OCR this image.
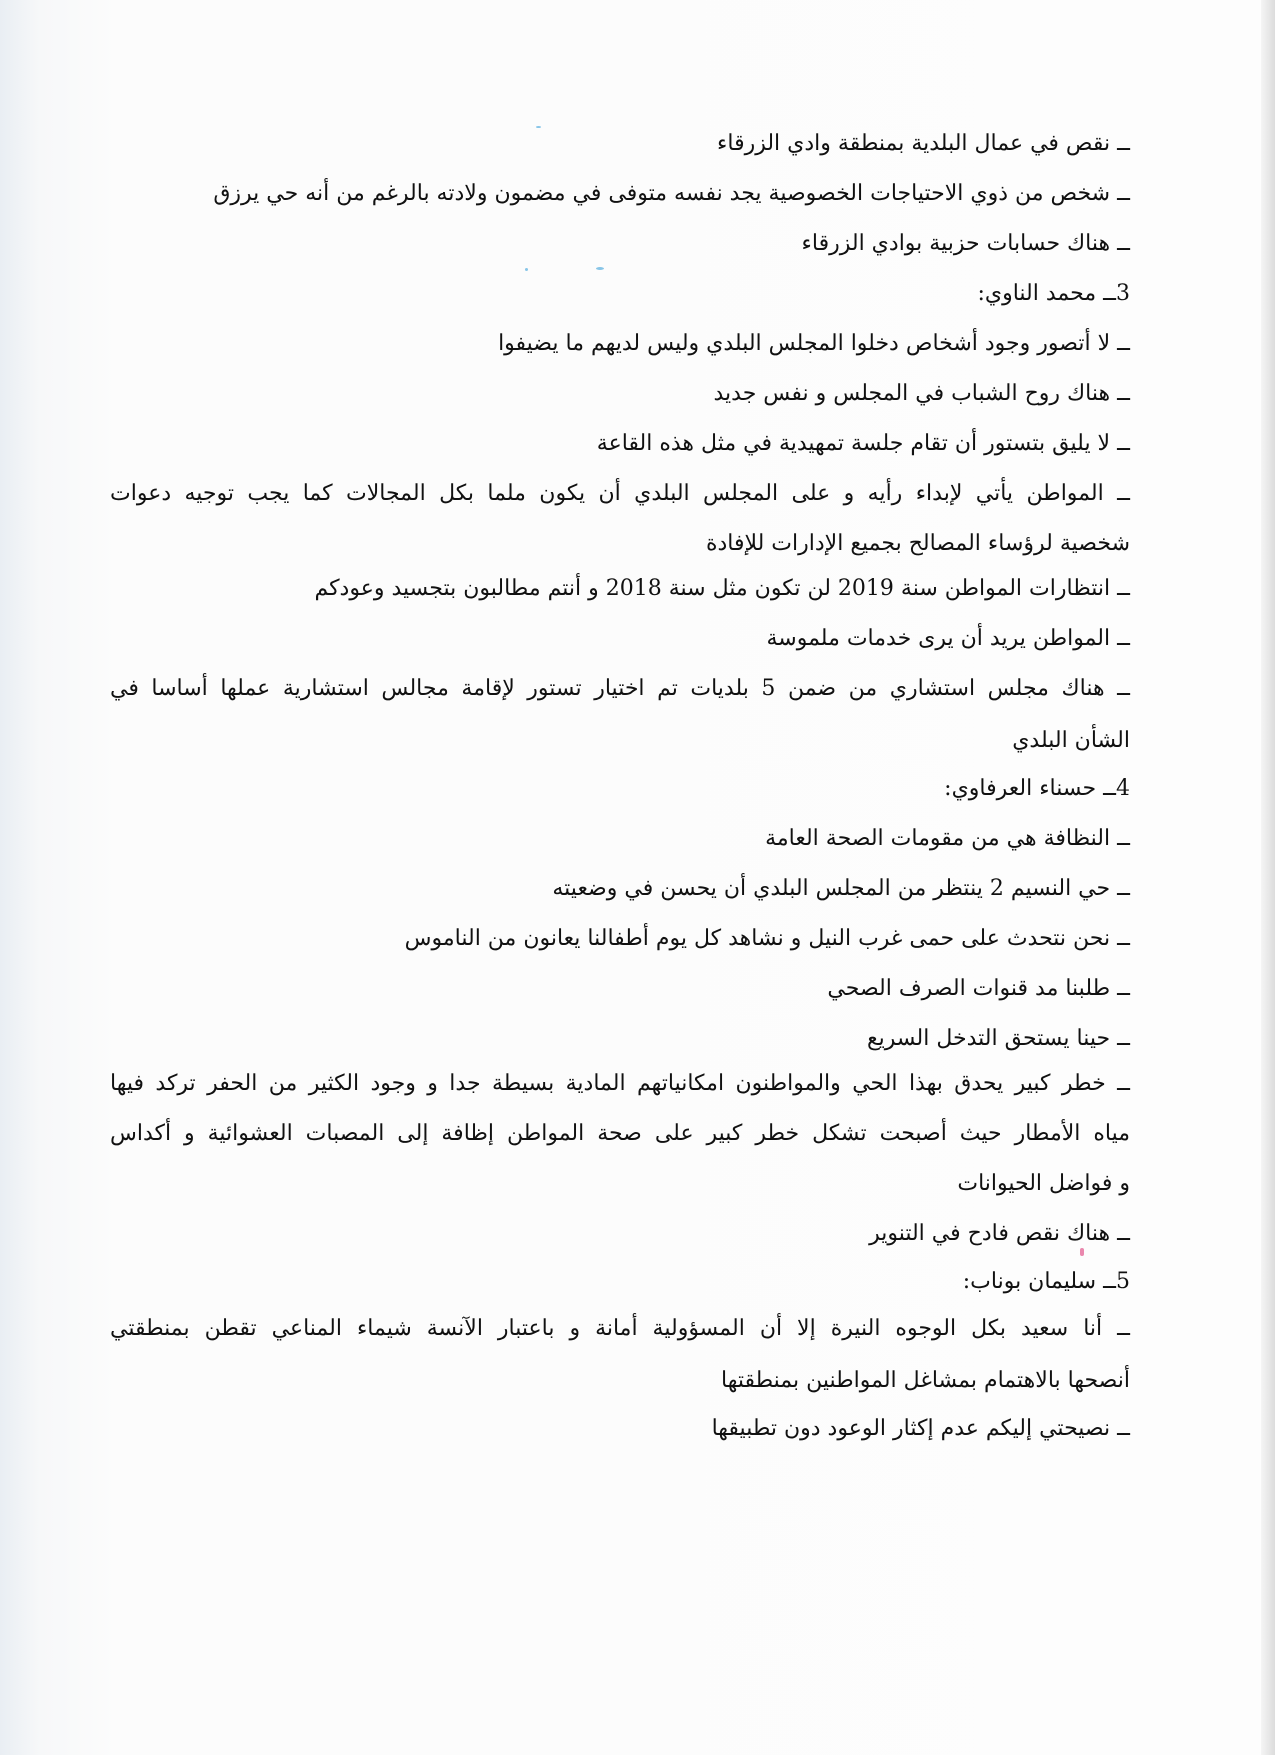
ــ نقص في عمال البلدية بمنطقة وادي الزرقاء
ــ شخص من ذوي الاحتياجات الخصوصية يجد نفسه متوفى في مضمون ولادته بالرغم من أنه حي يرزق
ــ هناك حسابات حزبية بوادي الزرقاء
3ــ محمد الناوي:
ــ لا أتصور وجود أشخاص دخلوا المجلس البلدي وليس لديهم ما يضيفوا
ــ هناك روح الشباب في المجلس و نفس جديد
ــ لا يليق بتستور أن تقام جلسة تمهيدية في مثل هذه القاعة
ــ المواطن يأتي لإبداء رأيه و على المجلس البلدي أن يكون ملما بكل المجالات كما يجب توجيه دعوات
شخصية لرؤساء المصالح بجميع الإدارات للإفادة
ــ انتظارات المواطن سنة 2019 لن تكون مثل سنة 2018 و أنتم مطالبون بتجسيد وعودكم
ــ المواطن يريد أن يرى خدمات ملموسة
ــ هناك مجلس استشاري من ضمن 5 بلديات تم اختيار تستور لإقامة مجالس استشارية عملها أساسا في
الشأن البلدي
4ــ حسناء العرفاوي:
ــ النظافة هي من مقومات الصحة العامة
ــ حي النسيم 2 ينتظر من المجلس البلدي أن يحسن في وضعيته
ــ نحن نتحدث على حمى غرب النيل و نشاهد كل يوم أطفالنا يعانون من الناموس
ــ طلبنا مد قنوات الصرف الصحي
ــ حينا يستحق التدخل السريع
ــ خطر كبير يحدق بهذا الحي والمواطنون امكانياتهم المادية بسيطة جدا و وجود الكثير من الحفر تركد فيها
مياه الأمطار حيث أصبحت تشكل خطر كبير على صحة المواطن إظافة إلى المصبات العشوائية و أكداس
و فواضل الحيوانات
ــ هناك نقص فادح في التنوير
5ــ سليمان بوناب:
ــ أنا سعيد بكل الوجوه النيرة إلا أن المسؤولية أمانة و باعتبار الآنسة شيماء المناعي تقطن بمنطقتي
أنصحها بالاهتمام بمشاغل المواطنين بمنطقتها
ــ نصيحتي إليكم عدم إكثار الوعود دون تطبيقها
